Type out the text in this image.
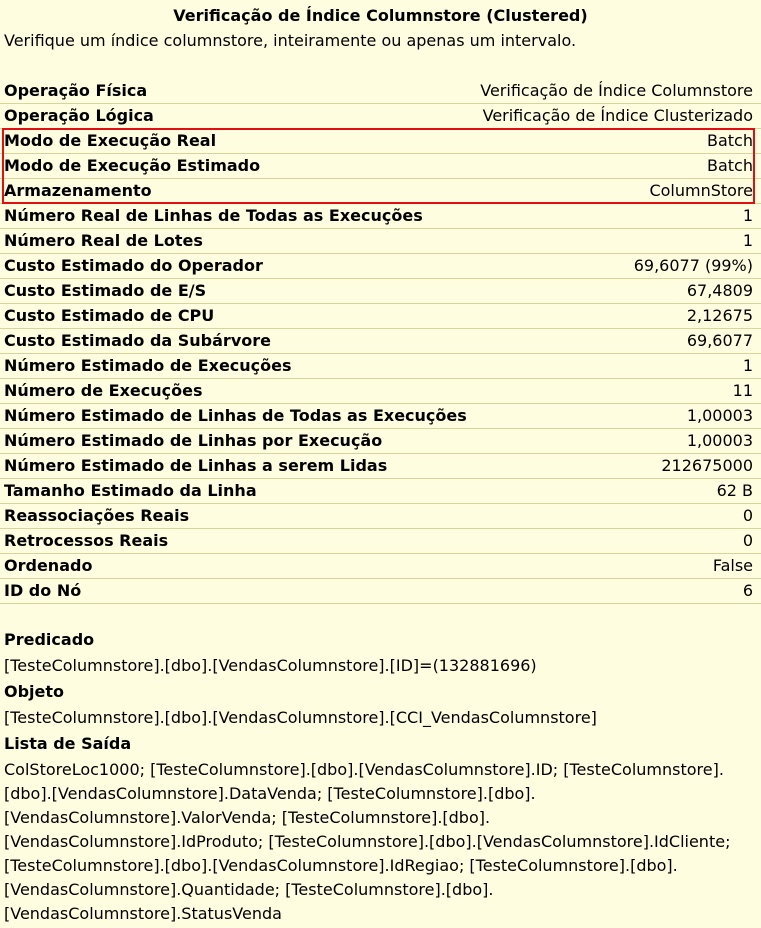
Verificação de Índice Columnstore (Clustered)
Verifique um índice columnstore, inteiramente ou apenas um intervalo.
Operação Física	Verificação de Índice Columnstore
Operação Lógica	Verificação de Índice Clusterizado
Modo de Execução Real	Batch
Modo de Execução Estimado	Batch
Armazenamento	ColumnStore
Número Real de Linhas de Todas as Execuções	1
Número Real de Lotes	1
Custo Estimado do Operador	69,6077 (99%)
Custo Estimado de E/S	67,4809
Custo Estimado de CPU	2,12675
Custo Estimado da Subárvore	69,6077
Número Estimado de Execuções	1
Número de Execuções	11
Número Estimado de Linhas de Todas as Execuções	1,00003
Número Estimado de Linhas por Execução	1,00003
Número Estimado de Linhas a serem Lidas	212675000
Tamanho Estimado da Linha	62 B
Reassociações Reais	0
Retrocessos Reais	0
Ordenado	False
ID do Nó	6
Predicado
[TesteColumnstore].[dbo].[VendasColumnstore].[ID]=(132881696)
Objeto
[TesteColumnstore].[dbo].[VendasColumnstore].[CCI_VendasColumnstore]
Lista de Saída
ColStoreLoc1000; [TesteColumnstore].[dbo].[VendasColumnstore].ID; [TesteColumnstore].
[dbo].[VendasColumnstore].DataVenda; [TesteColumnstore].[dbo].
[VendasColumnstore].ValorVenda; [TesteColumnstore].[dbo].
[VendasColumnstore].IdProduto; [TesteColumnstore].[dbo].[VendasColumnstore].IdCliente;
[TesteColumnstore].[dbo].[VendasColumnstore].IdRegiao; [TesteColumnstore].[dbo].
[VendasColumnstore].Quantidade; [TesteColumnstore].[dbo].
[VendasColumnstore].StatusVenda
